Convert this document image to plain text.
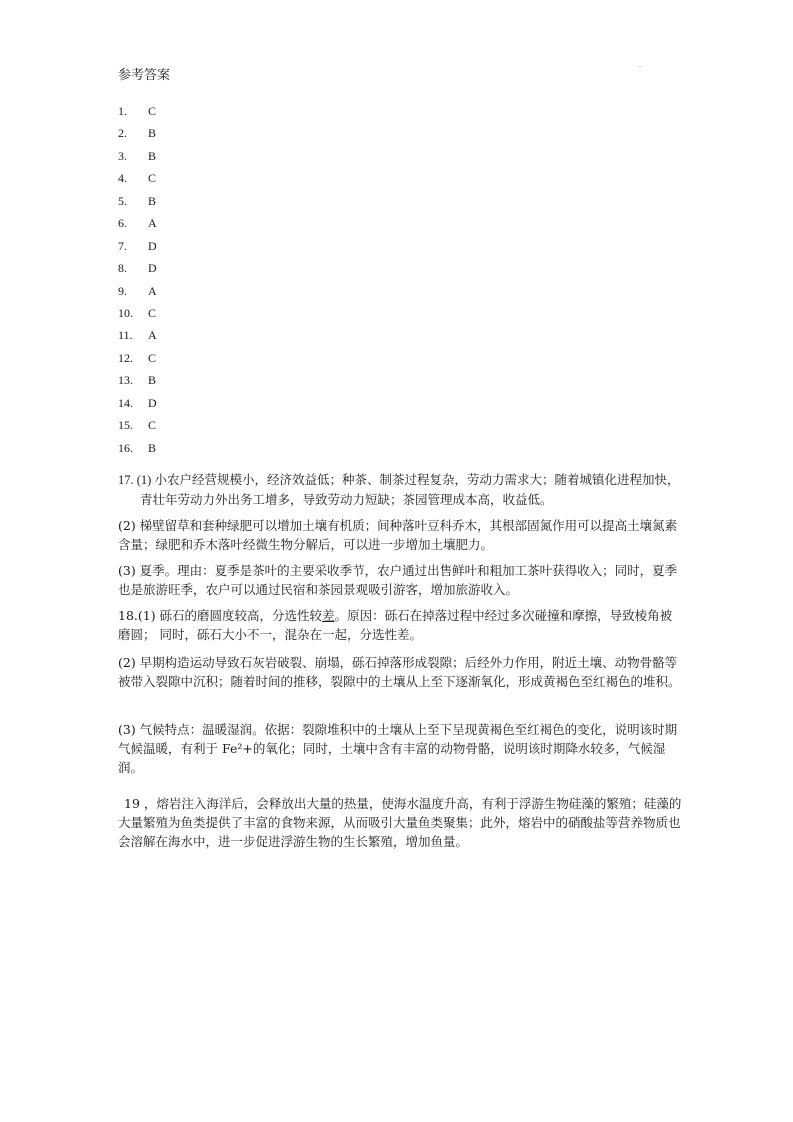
参考答案
1. C
2. B
3. B
4. C
5. B
6. A
7. D
8. D
9. A
10. C
11. A
12. C
13. B
14. D
15. C
16. B

17. (1) 小农户经营规模小，经济效益低；种茶、制茶过程复杂，劳动力需求大；随着城镇化进程加快，青壮年劳动力外出务工增多，导致劳动力短缺；茶园管理成本高，收益低。

(2) 梯壁留草和套种绿肥可以增加土壤有机质；间种落叶豆科乔木，其根部固氮作用可以提高土壤氮素含量；绿肥和乔木落叶经微生物分解后，可以进一步增加土壤肥力。

(3) 夏季。理由：夏季是茶叶的主要采收季节，农户通过出售鲜叶和粗加工茶叶获得收入；同时，夏季也是旅游旺季，农户可以通过民宿和茶园景观吸引游客，增加旅游收入。

18.(1) 砾石的磨圆度较高，分选性较差。原因：砾石在掉落过程中经过多次碰撞和摩擦，导致棱角被磨圆； 同时，砾石大小不一，混杂在一起，分选性差。

(2) 早期构造运动导致石灰岩破裂、崩塌，砾石掉落形成裂隙；后经外力作用，附近土壤、动物骨骼等被带入裂隙中沉积；随着时间的推移，裂隙中的土壤从上至下逐渐氧化，形成黄褐色至红褐色的堆积。

(3) 气候特点：温暖湿润。依据：裂隙堆积中的土壤从上至下呈现黄褐色至红褐色的变化，说明该时期气候温暖，有利于 Fe²+的氧化；同时，土壤中含有丰富的动物骨骼，说明该时期降水较多，气候湿润。

19 ，熔岩注入海洋后，会释放出大量的热量，使海水温度升高，有利于浮游生物硅藻的繁殖；硅藻的大量繁殖为鱼类提供了丰富的食物来源，从而吸引大量鱼类聚集；此外，熔岩中的硝酸盐等营养物质也会溶解在海水中，进一步促进浮游生物的生长繁殖，增加鱼量。
